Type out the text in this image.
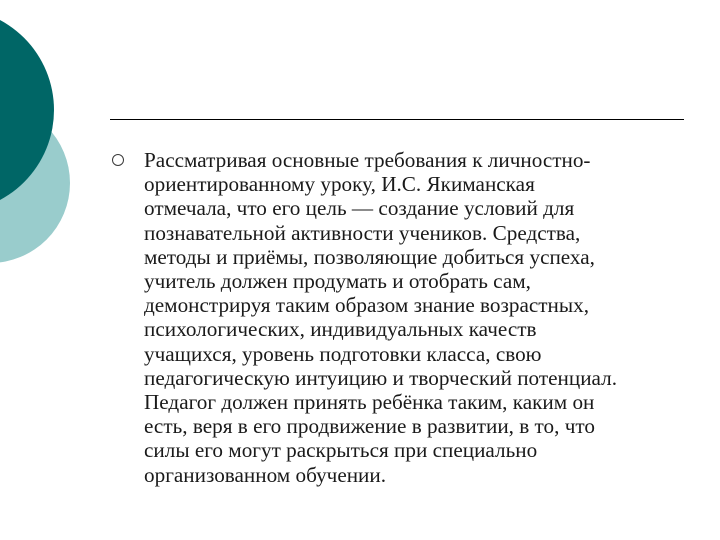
Рассматривая основные требования к личностно-
ориентированному уроку, И.С. Якиманская
отмечала, что его цель — создание условий для
познавательной активности учеников. Средства,
методы и приёмы, позволяющие добиться успеха,
учитель должен продумать и отобрать сам,
демонстрируя таким образом знание возрастных,
психологических, индивидуальных качеств
учащихся, уровень подготовки класса, свою
педагогическую интуицию и творческий потенциал.
Педагог должен принять ребёнка таким, каким он
есть, веря в его продвижение в развитии, в то, что
силы его могут раскрыться при специально
организованном обучении.
